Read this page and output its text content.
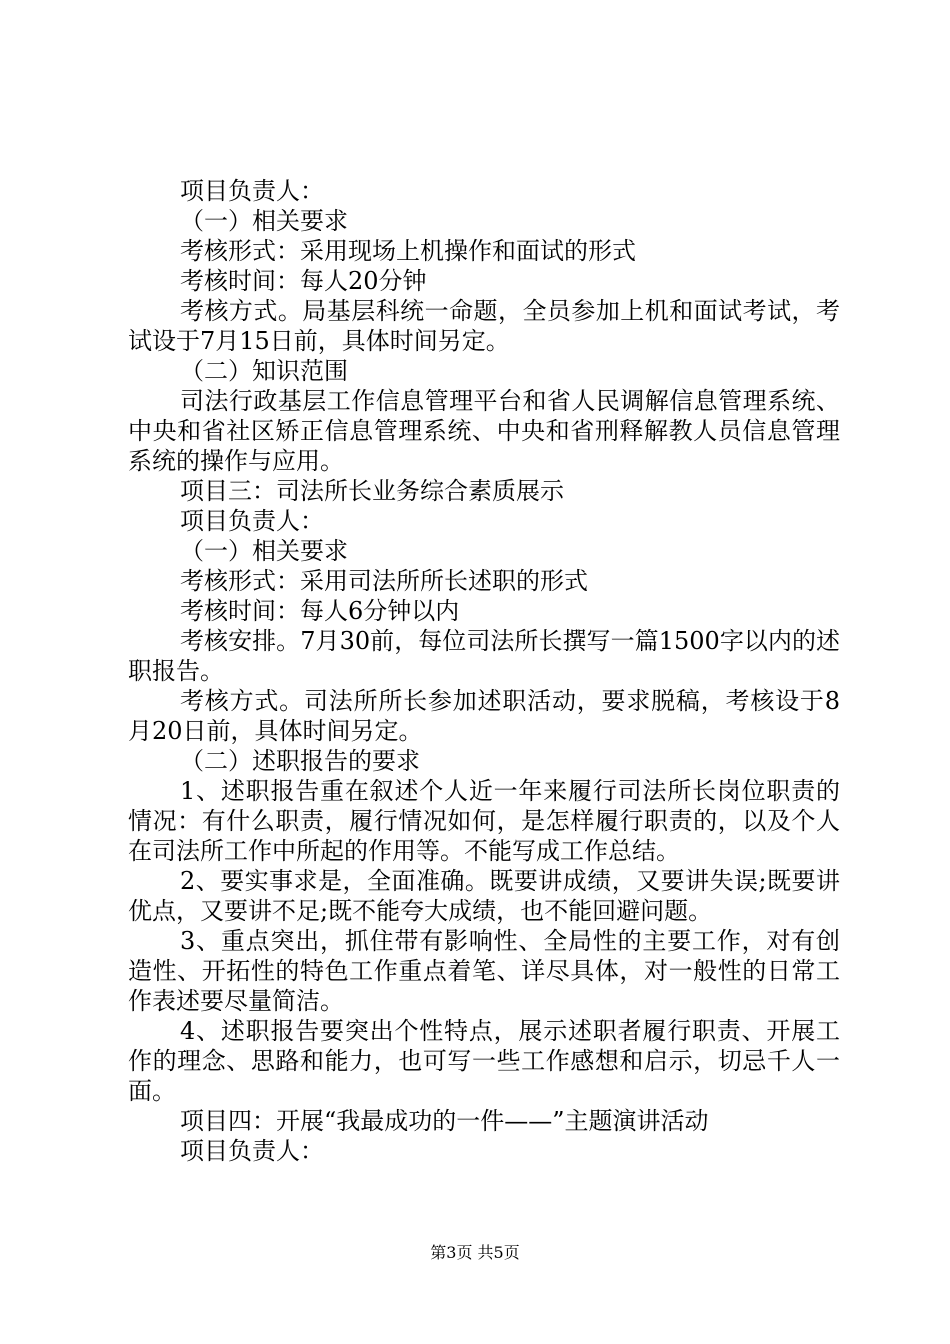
项目负责人：

（一）相关要求

考核形式：采用现场上机操作和面试的形式

考核时间：每人20分钟

考核方式。局基层科统一命题，全员参加上机和面试考试，考试设于7月15日前，具体时间另定。

（二）知识范围

司法行政基层工作信息管理平台和省人民调解信息管理系统、中央和省社区矫正信息管理系统、中央和省刑释解教人员信息管理系统的操作与应用。

项目三：司法所长业务综合素质展示

项目负责人：

（一）相关要求

考核形式：采用司法所所长述职的形式

考核时间：每人6分钟以内

考核安排。7月30前，每位司法所长撰写一篇1500字以内的述职报告。

考核方式。司法所所长参加述职活动，要求脱稿，考核设于8月20日前，具体时间另定。

（二）述职报告的要求

1、述职报告重在叙述个人近一年来履行司法所长岗位职责的情况：有什么职责，履行情况如何，是怎样履行职责的，以及个人在司法所工作中所起的作用等。不能写成工作总结。

2、要实事求是，全面准确。既要讲成绩，又要讲失误;既要讲优点，又要讲不足;既不能夸大成绩，也不能回避问题。

3、重点突出，抓住带有影响性、全局性的主要工作，对有创造性、开拓性的特色工作重点着笔、详尽具体，对一般性的日常工作表述要尽量简洁。

4、述职报告要突出个性特点，展示述职者履行职责、开展工作的理念、思路和能力，也可写一些工作感想和启示，切忌千人一面。

项目四：开展“我最成功的一件——”主题演讲活动

项目负责人：

第3页 共5页
